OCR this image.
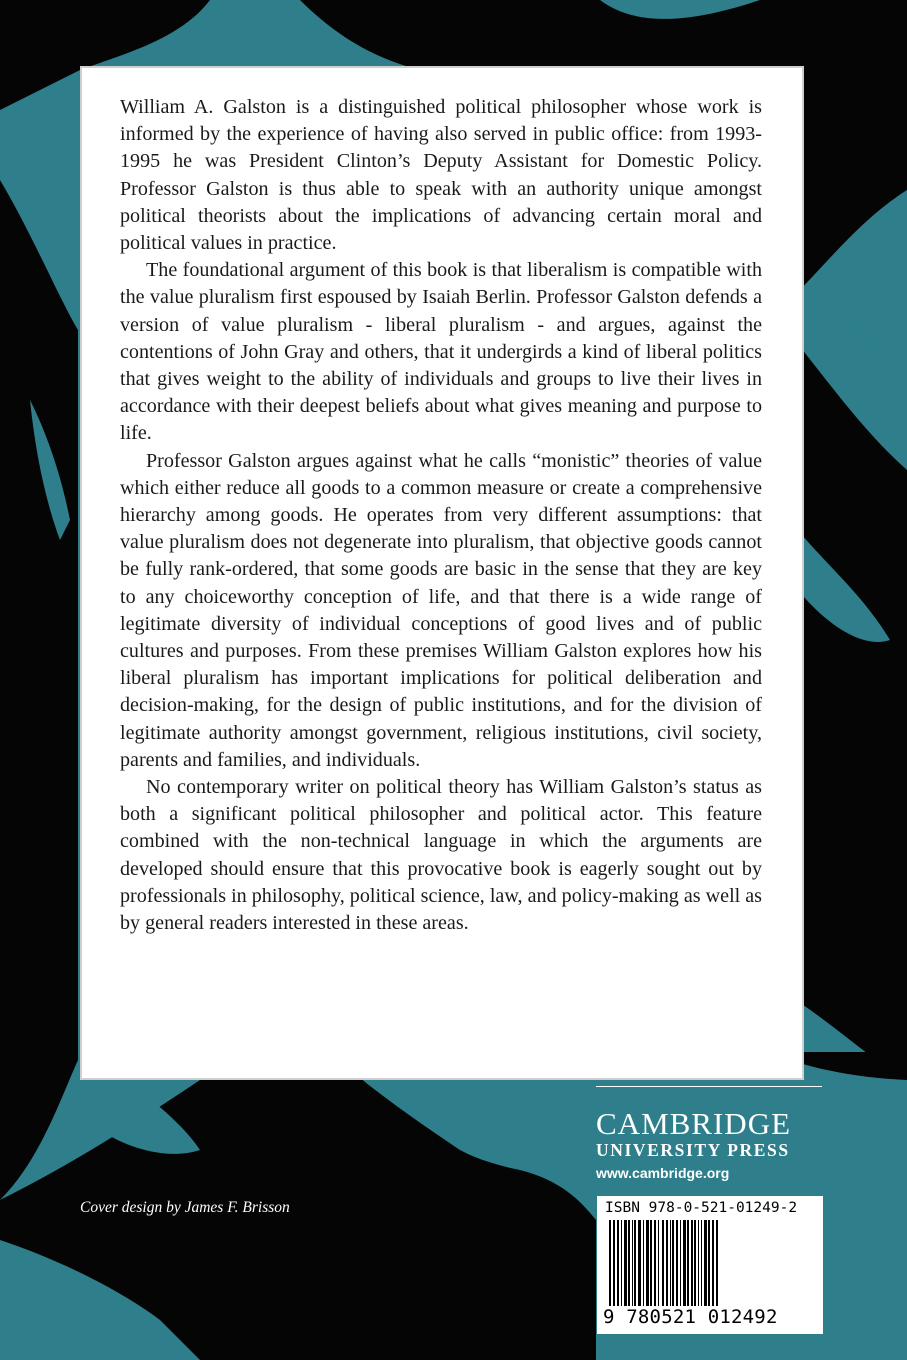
William A. Galston is a distinguished political philosopher whose work is informed by the experience of having also served in public office: from 1993-1995 he was President Clinton’s Deputy Assistant for Domestic Policy. Professor Galston is thus able to speak with an authority unique amongst political theorists about the implications of advancing certain moral and political values in practice.

The foundational argument of this book is that liberalism is compatible with the value pluralism first espoused by Isaiah Berlin. Professor Galston defends a version of value pluralism - liberal pluralism - and argues, against the contentions of John Gray and others, that it undergirds a kind of liberal politics that gives weight to the ability of individuals and groups to live their lives in accordance with their deepest beliefs about what gives meaning and purpose to life.

Professor Galston argues against what he calls “monistic” theories of value which either reduce all goods to a common measure or create a comprehensive hierarchy among goods. He operates from very different assumptions: that value pluralism does not degenerate into pluralism, that objective goods cannot be fully rank-ordered, that some goods are basic in the sense that they are key to any choiceworthy conception of life, and that there is a wide range of legitimate diversity of individual conceptions of good lives and of public cultures and purposes. From these premises William Galston explores how his liberal pluralism has important implications for political deliberation and decision-making, for the design of public institutions, and for the division of legitimate authority amongst government, religious institutions, civil society, parents and families, and individuals.

No contemporary writer on political theory has William Galston’s status as both a significant political philosopher and political actor. This feature combined with the non-technical language in which the arguments are developed should ensure that this provocative book is eagerly sought out by professionals in philosophy, political science, law, and policy-making as well as by general readers interested in these areas.

CAMBRIDGE
UNIVERSITY PRESS
www.cambridge.org
Cover design by James F. Brisson	ISBN 978-0-521-01249-2
9 780521 012492
